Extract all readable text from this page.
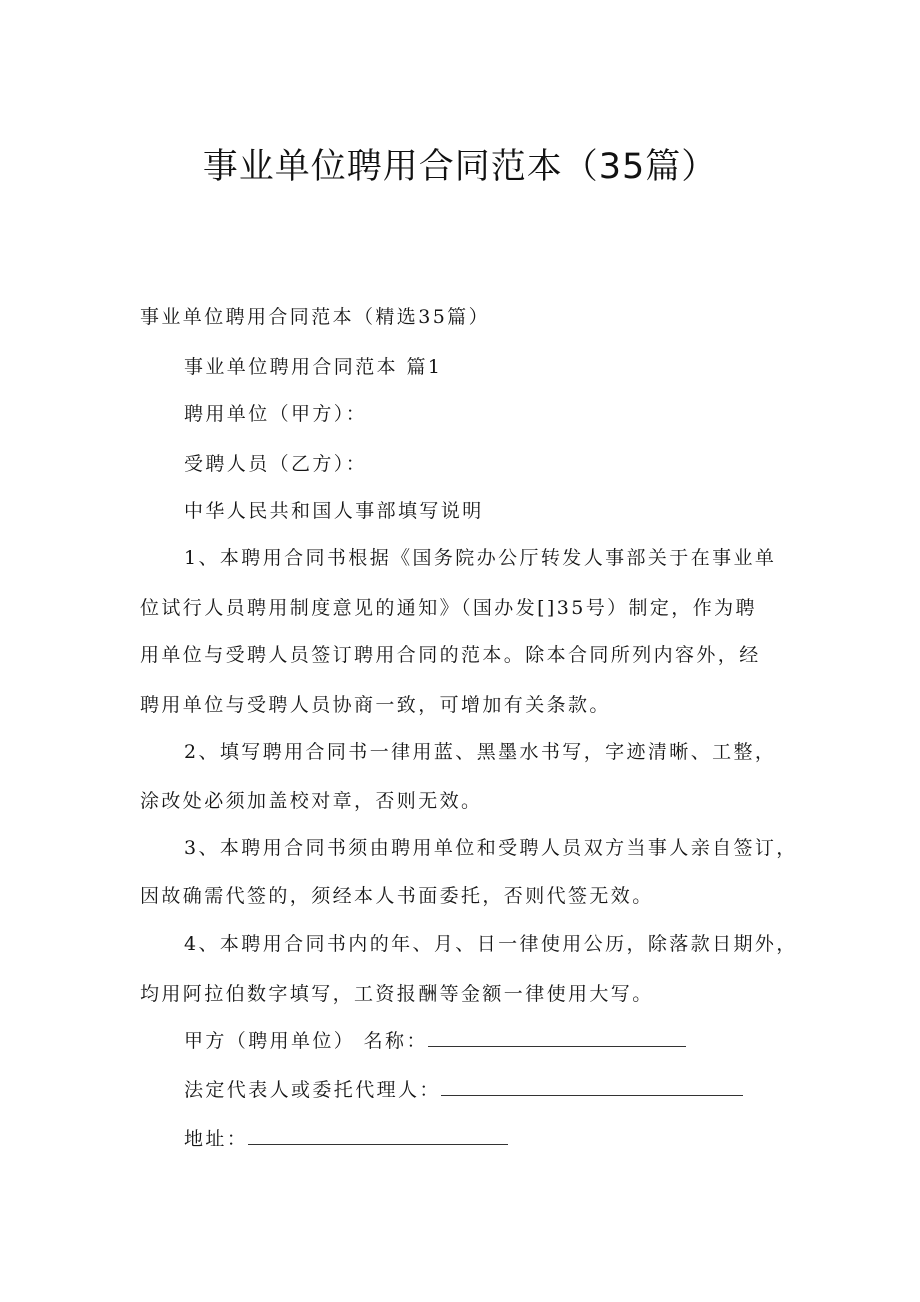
事业单位聘用合同范本（35篇）
事业单位聘用合同范本（精选35篇）
事业单位聘用合同范本 篇1
聘用单位（甲方）：
受聘人员（乙方）：
中华人民共和国人事部填写说明
1、本聘用合同书根据《国务院办公厅转发人事部关于在事业单
位试行人员聘用制度意见的通知》（国办发[]35号）制定，作为聘
用单位与受聘人员签订聘用合同的范本。除本合同所列内容外，经
聘用单位与受聘人员协商一致，可增加有关条款。
2、填写聘用合同书一律用蓝、黑墨水书写，字迹清晰、工整，
涂改处必须加盖校对章，否则无效。
3、本聘用合同书须由聘用单位和受聘人员双方当事人亲自签订，
因故确需代签的，须经本人书面委托，否则代签无效。
4、本聘用合同书内的年、月、日一律使用公历，除落款日期外，
均用阿拉伯数字填写，工资报酬等金额一律使用大写。
甲方（聘用单位） 名称：
法定代表人或委托代理人：
地址：
